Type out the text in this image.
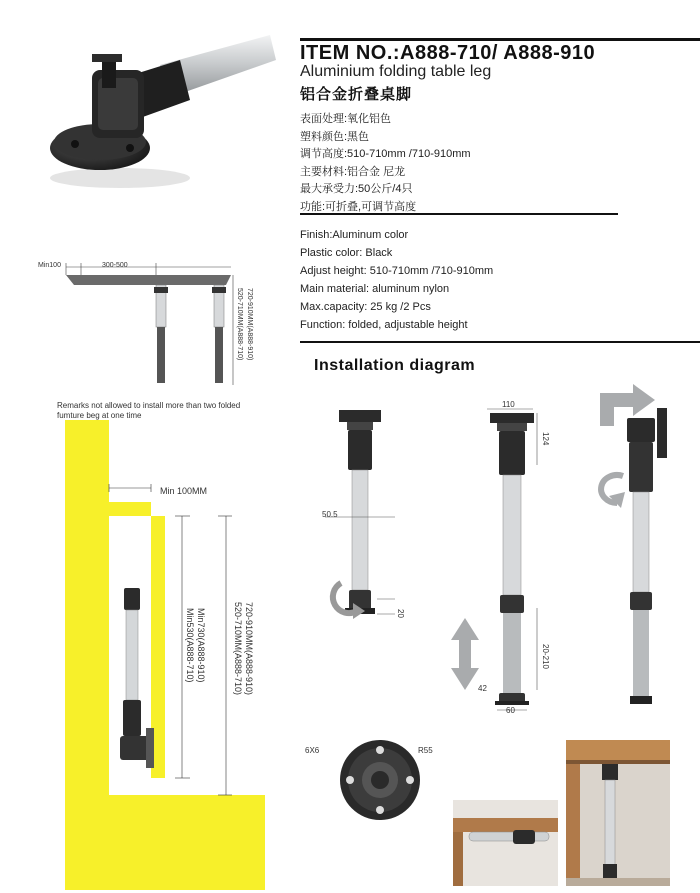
ITEM NO.:A888-710/ A888-910
Aluminium folding table leg
铝合金折叠桌脚
表面处理:氧化铝色
塑料颜色:黑色
调节高度:510-710mm /710-910mm
主要材料:铝合金 尼龙
最大承受力:50公斤/4只
功能:可折叠,可调节高度
Finish:Aluminum color
Plastic color: Black
Adjust height: 510-710mm /710-910mm
Main material: aluminum nylon
Max.capacity: 25 kg /2 Pcs
Function: folded, adjustable height
Installation diagram
Min100	300-500
720-910MM(A888-910)
520-710MM(A888-710)
Remarks not allowed to install more than two folded fumture beg at one time
Min 100MM
720-910MM(A888-910)
520-710MM(A888-710)
Min730(A888-910)
Min530(A888-710)
50.5
20
110
124
20-210
42
60
6X6	R55
